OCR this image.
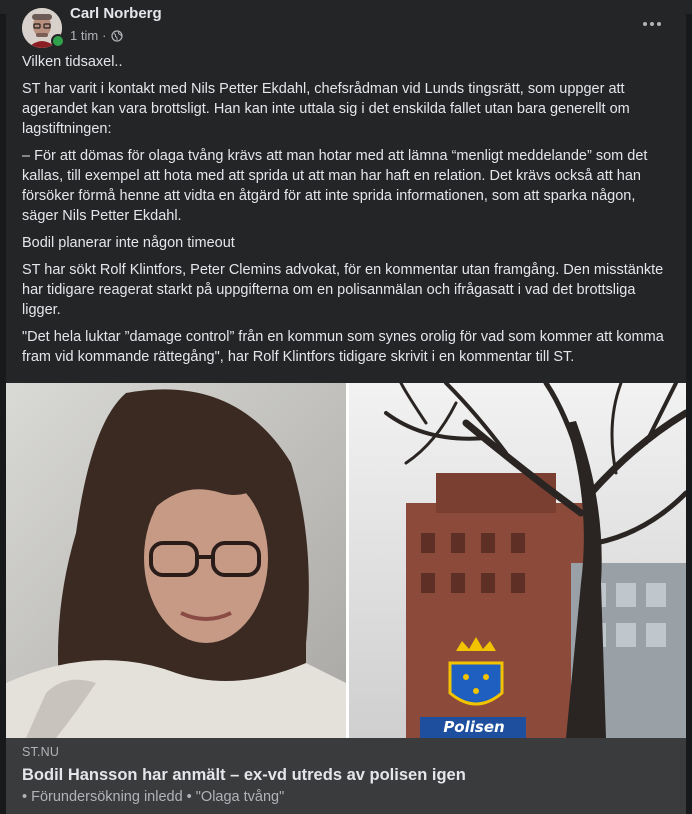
Carl Norberg
1 tim ·

Vilken tidsaxel..

ST har varit i kontakt med Nils Petter Ekdahl, chefsrådman vid Lunds tingsrätt, som uppger att agerandet kan vara brottsligt. Han kan inte uttala sig i det enskilda fallet utan bara generellt om lagstiftningen:

– För att dömas för olaga tvång krävs att man hotar med att lämna “menligt meddelande” som det kallas, till exempel att hota med att sprida ut att man har haft en relation. Det krävs också att han försöker förmå henne att vidta en åtgärd för att inte sprida informationen, som att sparka någon, säger Nils Petter Ekdahl.

Bodil planerar inte någon timeout

ST har sökt Rolf Klintfors, Peter Clemins advokat, för en kommentar utan framgång. Den misstänkte har tidigare reagerat starkt på uppgifterna om en polisanmälan och ifrågasatt i vad det brottsliga ligger.

"Det hela luktar ”damage control” från en kommun som synes orolig för vad som kommer att komma fram vid kommande rättegång", har Rolf Klintfors tidigare skrivit i en kommentar till ST.

Polisen
ST.NU
Bodil Hansson har anmält – ex-vd utreds av polisen igen
• Förundersökning inledd • "Olaga tvång"
